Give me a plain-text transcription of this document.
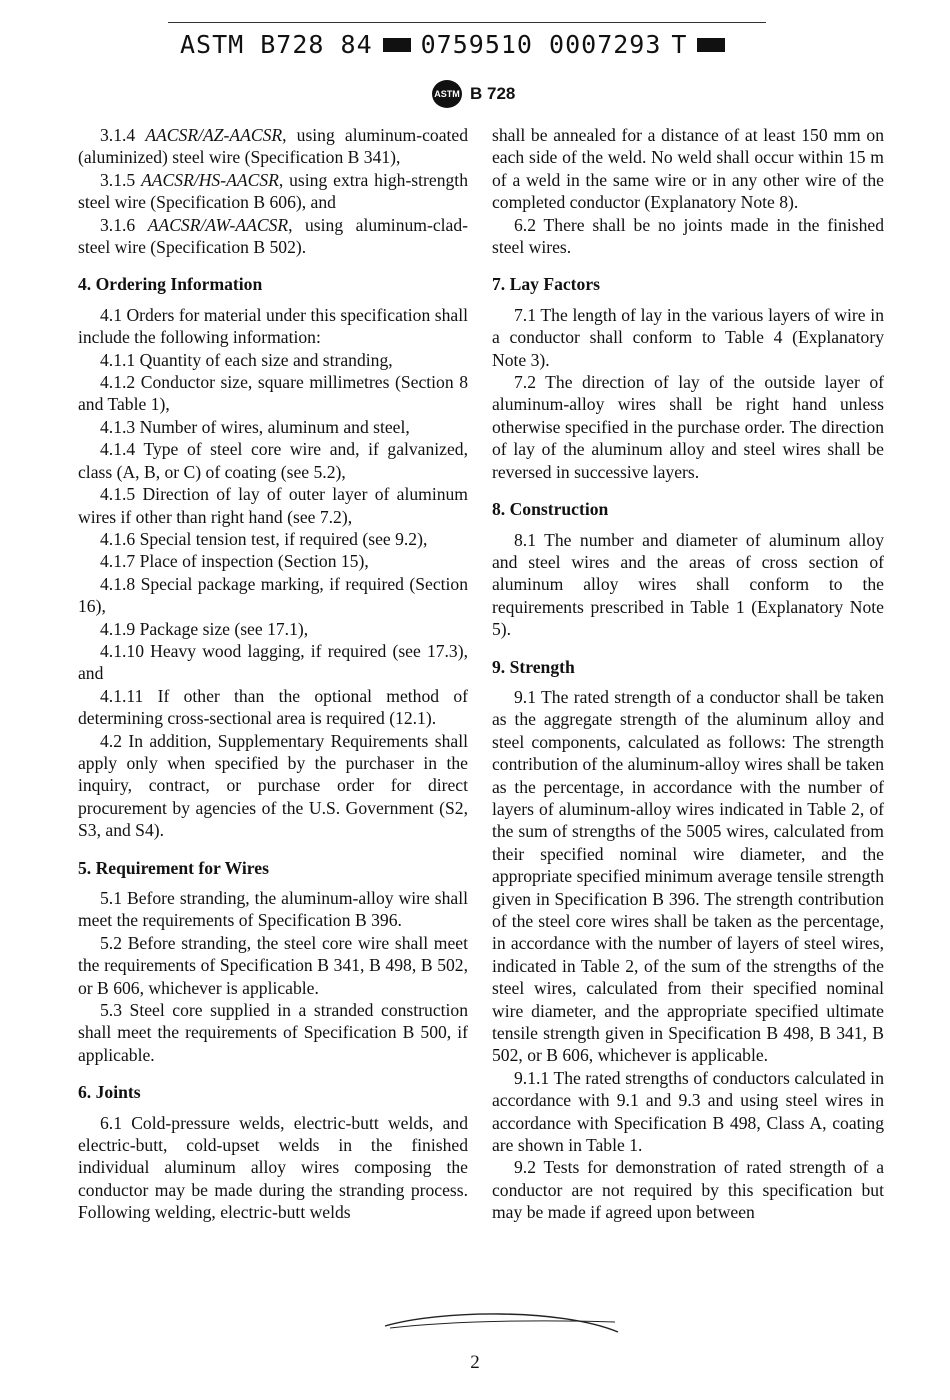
ASTM B728 84 0759510 0007293 T
ASTM B 728

3.1.4 AACSR/AZ-AACSR, using aluminum-coated (aluminized) steel wire (Specification B 341),

3.1.5 AACSR/HS-AACSR, using extra high-strength steel wire (Specification B 606), and

3.1.6 AACSR/AW-AACSR, using aluminum-clad-steel wire (Specification B 502).

4. Ordering Information

4.1 Orders for material under this specification shall include the following information:

4.1.1 Quantity of each size and stranding,

4.1.2 Conductor size, square millimetres (Section 8 and Table 1),

4.1.3 Number of wires, aluminum and steel,

4.1.4 Type of steel core wire and, if galvanized, class (A, B, or C) of coating (see 5.2),

4.1.5 Direction of lay of outer layer of aluminum wires if other than right hand (see 7.2),

4.1.6 Special tension test, if required (see 9.2),

4.1.7 Place of inspection (Section 15),

4.1.8 Special package marking, if required (Section 16),

4.1.9 Package size (see 17.1),

4.1.10 Heavy wood lagging, if required (see 17.3), and

4.1.11 If other than the optional method of determining cross-sectional area is required (12.1).

4.2 In addition, Supplementary Requirements shall apply only when specified by the purchaser in the inquiry, contract, or purchase order for direct procurement by agencies of the U.S. Government (S2, S3, and S4).

5. Requirement for Wires

5.1 Before stranding, the aluminum-alloy wire shall meet the requirements of Specification B 396.

5.2 Before stranding, the steel core wire shall meet the requirements of Specification B 341, B 498, B 502, or B 606, whichever is applicable.

5.3 Steel core supplied in a stranded construction shall meet the requirements of Specification B 500, if applicable.

6. Joints

6.1 Cold-pressure welds, electric-butt welds, and electric-butt, cold-upset welds in the finished individual aluminum alloy wires composing the conductor may be made during the stranding process. Following welding, electric-butt welds

shall be annealed for a distance of at least 150 mm on each side of the weld. No weld shall occur within 15 m of a weld in the same wire or in any other wire of the completed conductor (Explanatory Note 8).

6.2 There shall be no joints made in the finished steel wires.

7. Lay Factors

7.1 The length of lay in the various layers of wire in a conductor shall conform to Table 4 (Explanatory Note 3).

7.2 The direction of lay of the outside layer of aluminum-alloy wires shall be right hand unless otherwise specified in the purchase order. The direction of lay of the aluminum alloy and steel wires shall be reversed in successive layers.

8. Construction

8.1 The number and diameter of aluminum alloy and steel wires and the areas of cross section of aluminum alloy wires shall conform to the requirements prescribed in Table 1 (Explanatory Note 5).

9. Strength

9.1 The rated strength of a conductor shall be taken as the aggregate strength of the aluminum alloy and steel components, calculated as follows: The strength contribution of the aluminum-alloy wires shall be taken as the percentage, in accordance with the number of layers of aluminum-alloy wires indicated in Table 2, of the sum of strengths of the 5005 wires, calculated from their specified nominal wire diameter, and the appropriate specified minimum average tensile strength given in Specification B 396. The strength contribution of the steel core wires shall be taken as the percentage, in accordance with the number of layers of steel wires, indicated in Table 2, of the sum of the strengths of the steel wires, calculated from their specified nominal wire diameter, and the appropriate specified ultimate tensile strength given in Specification B 498, B 341, B 502, or B 606, whichever is applicable.

9.1.1 The rated strengths of conductors calculated in accordance with 9.1 and 9.3 and using steel wires in accordance with Specification B 498, Class A, coating are shown in Table 1.

9.2 Tests for demonstration of rated strength of a conductor are not required by this specification but may be made if agreed upon between

2
